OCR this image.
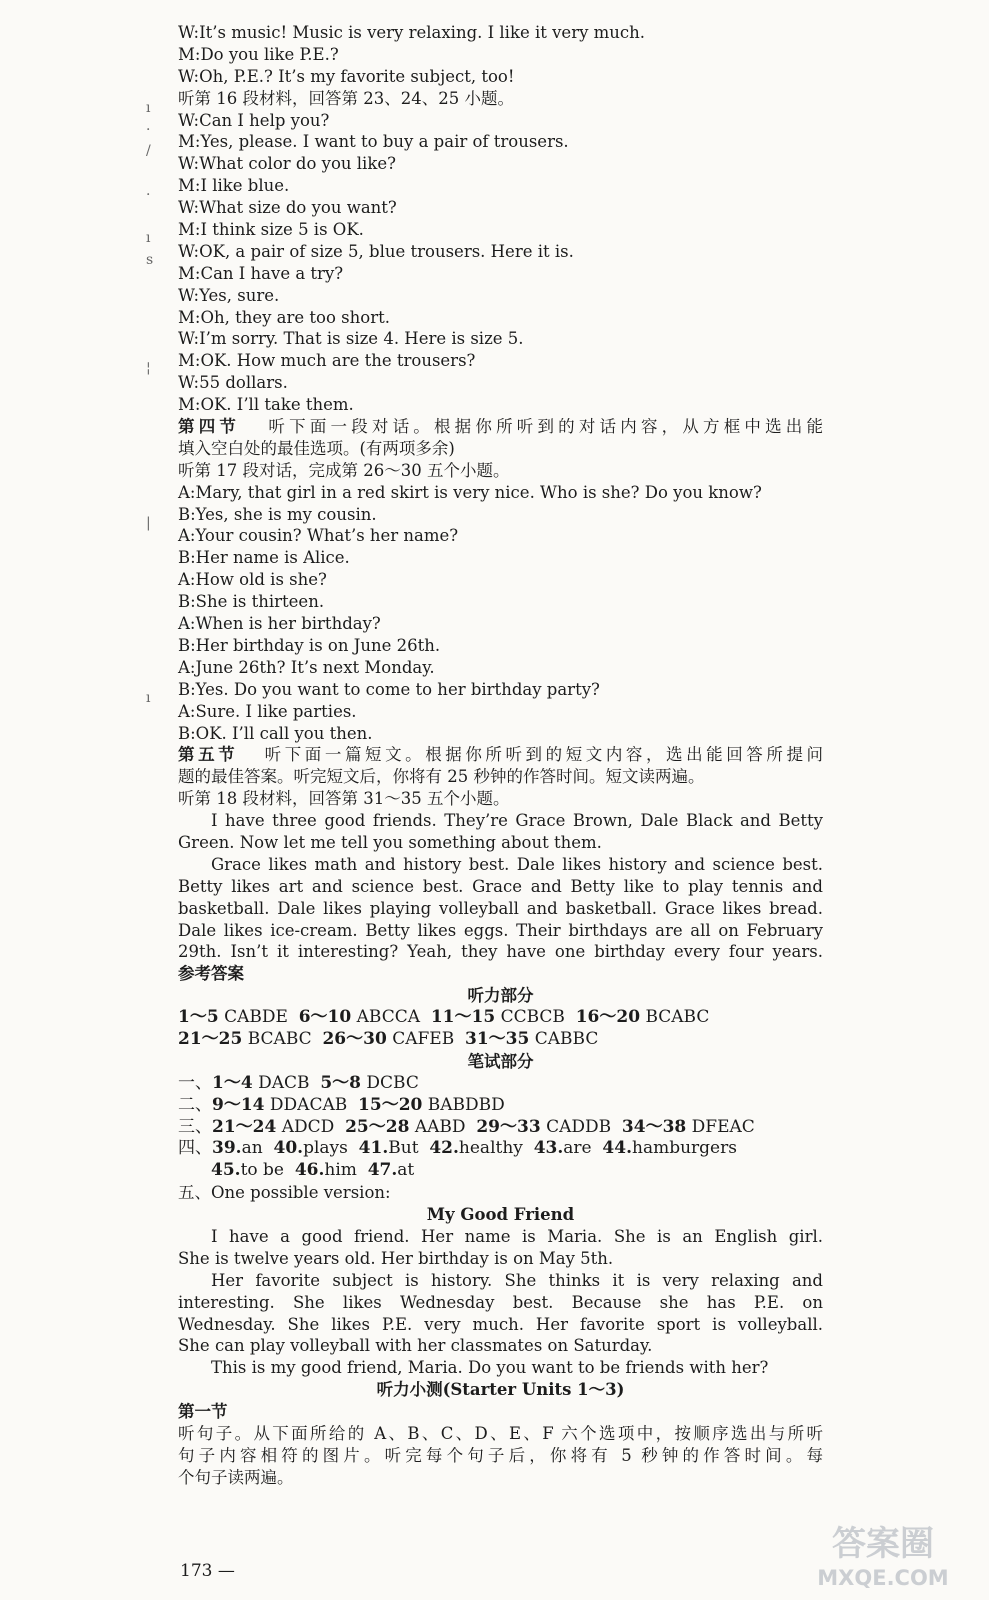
ı
·
/
·
ı
s
¦
|
ı
W:It’s music! Music is very relaxing. I like it very much.
M:Do you like P.E.?
W:Oh, P.E.? It’s my favorite subject, too!
听第 16 段材料，回答第 23、24、25 小题。
W:Can I help you?
M:Yes, please. I want to buy a pair of trousers.
W:What color do you like?
M:I like blue.
W:What size do you want?
M:I think size 5 is OK.
W:OK, a pair of size 5, blue trousers. Here it is.
M:Can I have a try?
W:Yes, sure.
M:Oh, they are too short.
W:I’m sorry. That is size 4. Here is size 5.
M:OK. How much are the trousers?
W:55 dollars.
M:OK. I’ll take them.
第四节 听下面一段对话。根据你所听到的对话内容，从方框中选出能
填入空白处的最佳选项。(有两项多余)
听第 17 段对话，完成第 26～30 五个小题。
A:Mary, that girl in a red skirt is very nice. Who is she? Do you know?
B:Yes, she is my cousin.
A:Your cousin? What’s her name?
B:Her name is Alice.
A:How old is she?
B:She is thirteen.
A:When is her birthday?
B:Her birthday is on June 26th.
A:June 26th? It’s next Monday.
B:Yes. Do you want to come to her birthday party?
A:Sure. I like parties.
B:OK. I’ll call you then.
第五节 听下面一篇短文。根据你所听到的短文内容，选出能回答所提问
题的最佳答案。听完短文后，你将有 25 秒钟的作答时间。短文读两遍。
听第 18 段材料，回答第 31～35 五个小题。
I have three good friends. They’re Grace Brown, Dale Black and Betty
Green. Now let me tell you something about them.
Grace likes math and history best. Dale likes history and science best.
Betty likes art and science best. Grace and Betty like to play tennis and
basketball. Dale likes playing volleyball and basketball. Grace likes bread.
Dale likes ice-cream. Betty likes eggs. Their birthdays are all on February
29th. Isn’t it interesting? Yeah, they have one birthday every four years.
参考答案
听力部分
1～5 CABDE 6～10 ABCCA 11～15 CCBCB 16～20 BCABC
21～25 BCABC 26～30 CAFEB 31～35 CABBC
笔试部分
一、1～4 DACB 5～8 DCBC
二、9～14 DDACAB 15～20 BABDBD
三、21～24 ADCD 25～28 AABD 29～33 CADDB 34～38 DFEAC
四、39.an 40.plays 41.But 42.healthy 43.are 44.hamburgers
45.to be 46.him 47.at
五、One possible version:
My Good Friend
I have a good friend. Her name is Maria. She is an English girl.
She is twelve years old. Her birthday is on May 5th.
Her favorite subject is history. She thinks it is very relaxing and
interesting. She likes Wednesday best. Because she has P.E. on
Wednesday. She likes P.E. very much. Her favorite sport is volleyball.
She can play volleyball with her classmates on Saturday.
This is my good friend, Maria. Do you want to be friends with her?
听力小测(Starter Units 1～3)
第一节
听句子。从下面所给的 A、B、C、D、E、F 六个选项中，按顺序选出与所听
句子内容相符的图片。听完每个句子后，你将有 5 秒钟的作答时间。每
个句子读两遍。
173 —
答案圈
MXQE.COM
